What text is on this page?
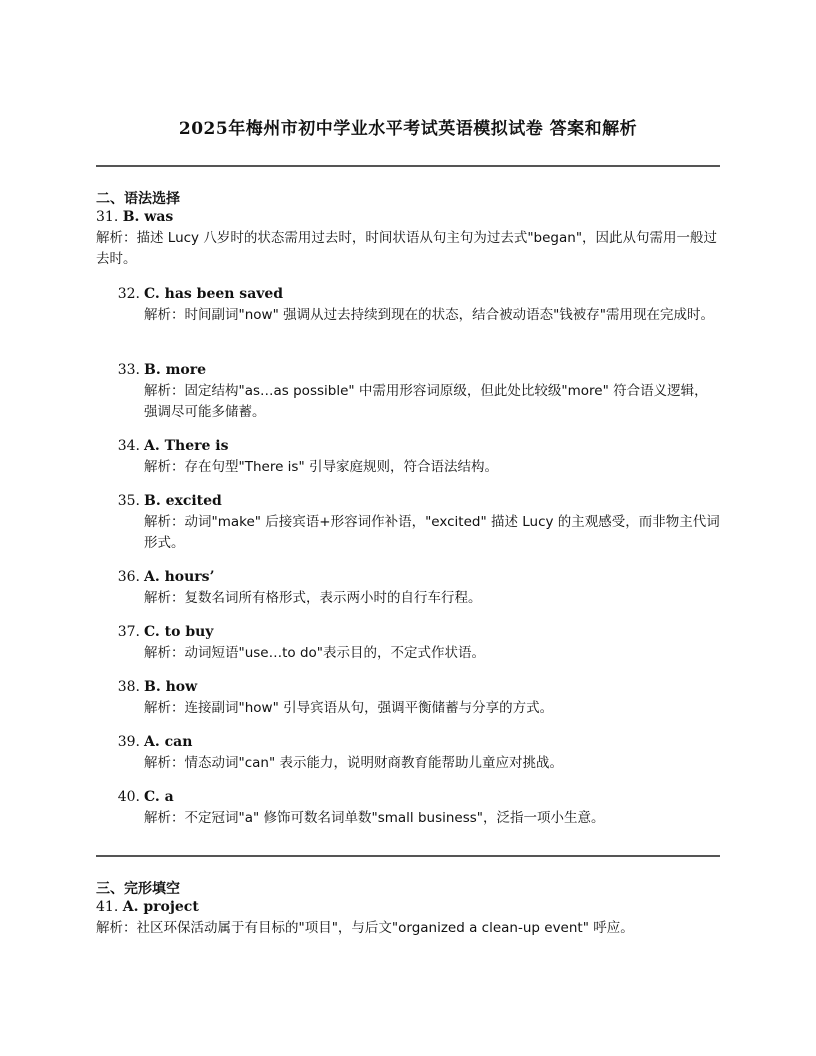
2025年梅州市初中学业水平考试英语模拟试卷 答案和解析
二、语法选择
31. B. was
解析：描述 Lucy 八岁时的状态需用过去时，时间状语从句主句为过去式"began"，因此从句需用一般过去时。
32. C. has been saved
解析：时间副词"now" 强调从过去持续到现在的状态，结合被动语态"钱被存"需用现在完成时。
33. B. more
解析：固定结构"as…as possible" 中需用形容词原级，但此处比较级"more" 符合语义逻辑，强调尽可能多储蓄。
34. A. There is
解析：存在句型"There is" 引导家庭规则，符合语法结构。
35. B. excited
解析：动词"make" 后接宾语+形容词作补语，"excited" 描述 Lucy 的主观感受，而非物主代词形式。
36. A. hours’
解析：复数名词所有格形式，表示两小时的自行车行程。
37. C. to buy
解析：动词短语"use…to do"表示目的，不定式作状语。
38. B. how
解析：连接副词"how" 引导宾语从句，强调平衡储蓄与分享的方式。
39. A. can
解析：情态动词"can" 表示能力，说明财商教育能帮助儿童应对挑战。
40. C. a
解析：不定冠词"a" 修饰可数名词单数"small business"，泛指一项小生意。
三、完形填空
41. A. project
解析：社区环保活动属于有目标的"项目"，与后文"organized a clean-up event" 呼应。
